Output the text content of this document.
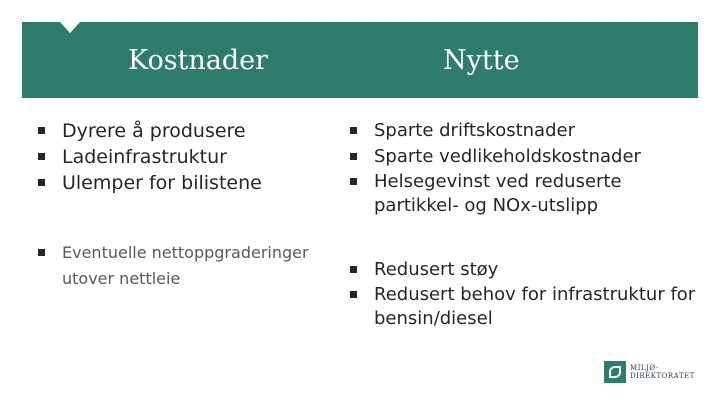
Kostnader	Nytte
Dyrere å produsere
Ladeinfrastruktur
Ulemper for bilistene
Eventuelle nettoppgraderinger utover nettleie
Sparte driftskostnader
Sparte vedlikeholdskostnader
Helsegevinst ved reduserte partikkel- og NOx-utslipp
Redusert støy
Redusert behov for infrastruktur for bensin/diesel
MILJØ-
DIREKTORATET
